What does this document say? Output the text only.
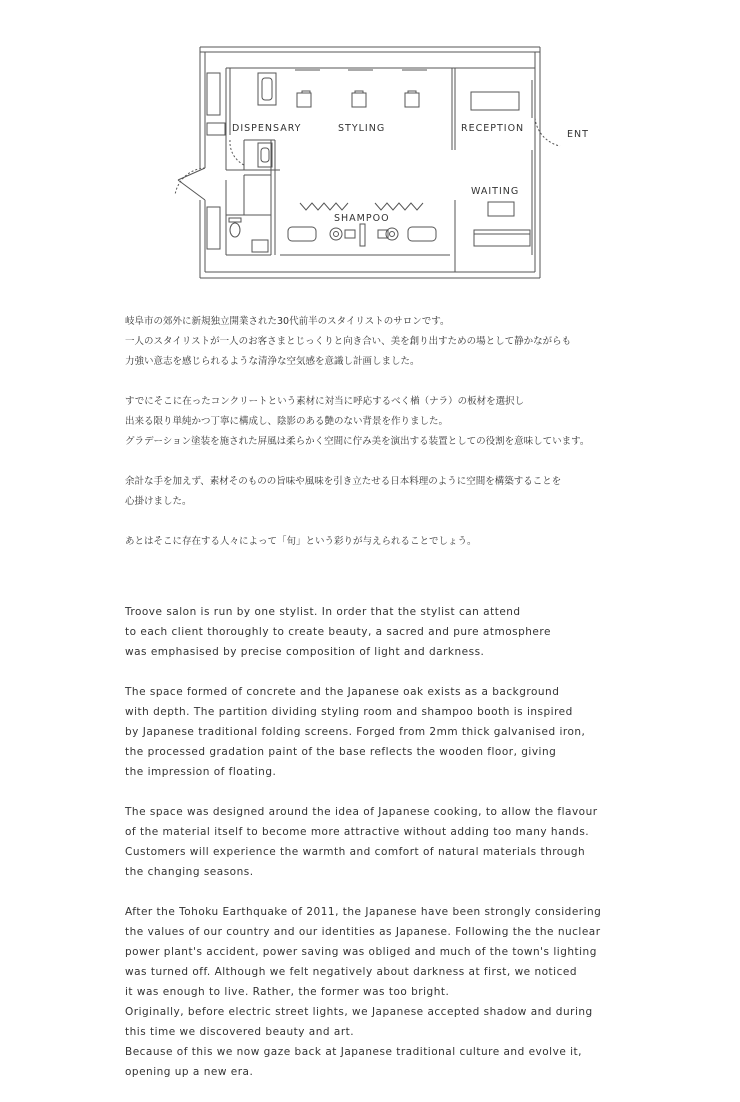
DISPENSARY	STYLING	RECEPTION
ENT
WAITING
SHAMPOO

岐阜市の郊外に新規独立開業された30代前半のスタイリストのサロンです。
一人のスタイリストが一人のお客さまとじっくりと向き合い、美を創り出すための場として静かながらも
力強い意志を感じられるような清浄な空気感を意識し計画しました。

すでにそこに在ったコンクリートという素材に対当に呼応するべく楢（ナラ）の板材を選択し
出来る限り単純かつ丁寧に構成し、陰影のある艶のない背景を作りました。
グラデーション塗装を施された屏風は柔らかく空間に佇み美を演出する装置としての役割を意味しています。

余計な手を加えず、素材そのものの旨味や風味を引き立たせる日本料理のように空間を構築することを
心掛けました。

あとはそこに存在する人々によって「旬」という彩りが与えられることでしょう。

Troove salon is run by one stylist. In order that the stylist can attend
to each client thoroughly to create beauty, a sacred and pure atmosphere
was emphasised by precise composition of light and darkness.

The space formed of concrete and the Japanese oak exists as a background
with depth. The partition dividing styling room and shampoo booth is inspired
by Japanese traditional folding screens. Forged from 2mm thick galvanised iron,
the processed gradation paint of the base reflects the wooden floor, giving
the impression of floating.

The space was designed around the idea of Japanese cooking, to allow the flavour
of the material itself to become more attractive without adding too many hands.
Customers will experience the warmth and comfort of natural materials through
the changing seasons.

After the Tohoku Earthquake of 2011, the Japanese have been strongly considering
the values of our country and our identities as Japanese. Following the the nuclear
power plant's accident, power saving was obliged and much of the town's lighting
was turned off. Although we felt negatively about darkness at first, we noticed
it was enough to live. Rather, the former was too bright.
Originally, before electric street lights, we Japanese accepted shadow and during
this time we discovered beauty and art.
Because of this we now gaze back at Japanese traditional culture and evolve it,
opening up a new era.
